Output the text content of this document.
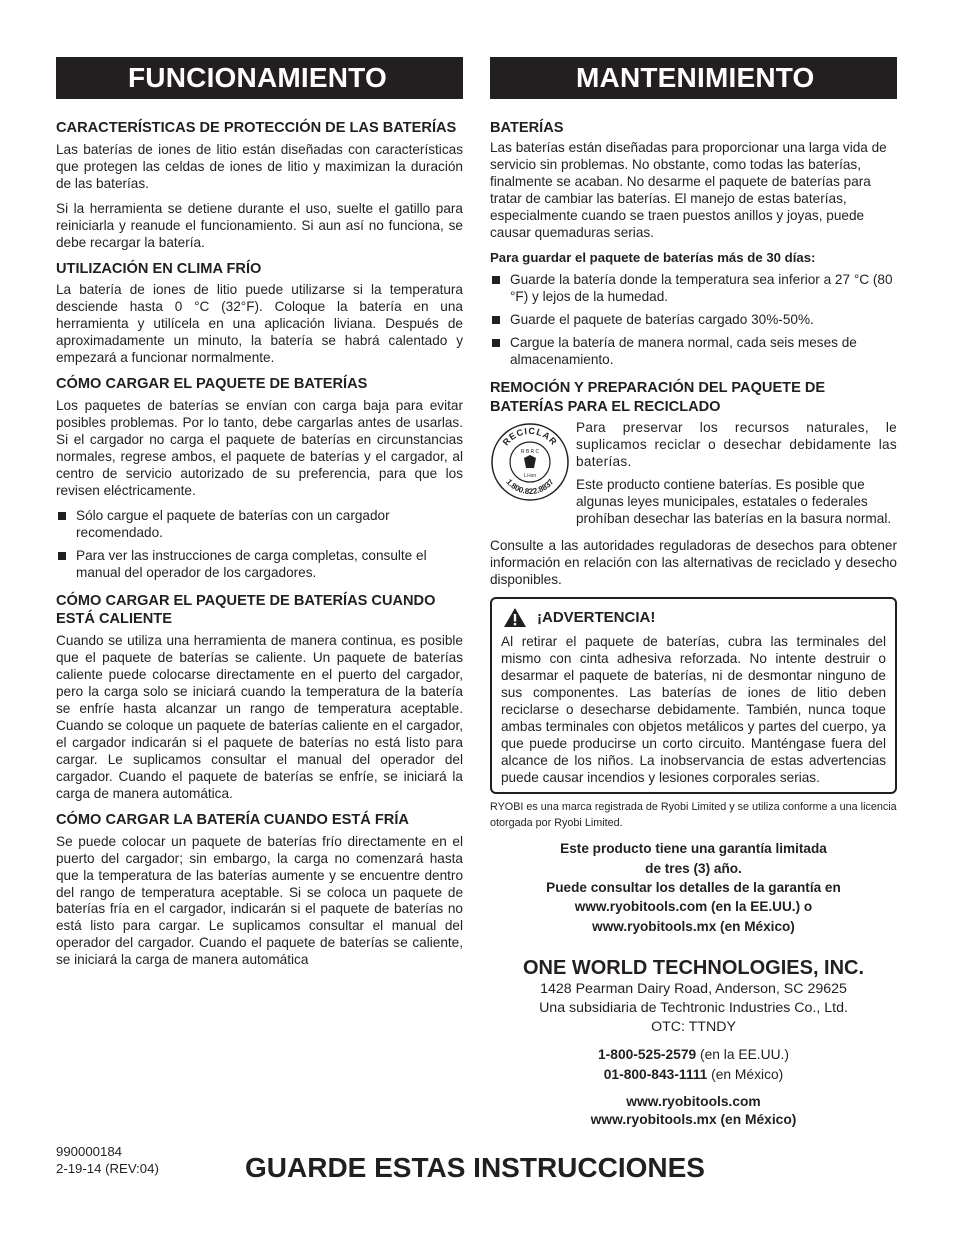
FUNCIONAMIENTO
CARACTERÍSTICAS DE PROTECCIÓN DE LAS BATERÍAS

Las baterías de iones de litio están diseñadas con características que protegen las celdas de iones de litio y maximizan la duración de las baterías.

Si la herramienta se detiene durante el uso, suelte el gatillo para reiniciarla y reanude el funcionamiento. Si aun así no funciona, se debe recargar la batería.

UTILIZACIÓN EN CLIMA FRÍO

La batería de iones de litio puede utilizarse si la temperatura desciende hasta 0 °C (32°F). Coloque la batería en una herramienta y utilícela en una aplicación liviana. Después de aproximadamente un minuto, la batería se habrá calentado y empezará a funcionar normalmente.

CÓMO CARGAR EL PAQUETE DE BATERÍAS

Los paquetes de baterías se envían con carga baja para evitar posibles problemas. Por lo tanto, debe cargarlas antes de usarlas. Si el cargador no carga el paquete de baterías en circunstancias normales, regrese ambos, el paquete de baterías y el cargador, al centro de servicio autorizado de su preferencia, para que los revisen eléctricamente.

Sólo cargue el paquete de baterías con un cargador recomendado.
Para ver las instrucciones de carga completas, consulte el manual del operador de los cargadores.
CÓMO CARGAR EL PAQUETE DE BATERÍAS CUANDO ESTÁ CALIENTE

Cuando se utiliza una herramienta de manera continua, es posible que el paquete de baterías se caliente. Un paquete de baterías caliente puede colocarse directamente en el puerto del cargador, pero la carga solo se iniciará cuando la temperatura de la batería se enfríe hasta alcanzar un rango de temperatura aceptable. Cuando se coloque un paquete de baterías caliente en el cargador, el cargador indicarán si el paquete de baterías no está listo para cargar. Le suplicamos consultar el manual del operador del cargador. Cuando el paquete de baterías se enfríe, se iniciará la carga de manera automática.

CÓMO CARGAR LA BATERÍA CUANDO ESTÁ FRÍA

Se puede colocar un paquete de baterías frío directamente en el puerto del cargador; sin embargo, la carga no comenzará hasta que la temperatura de las baterías aumente y se encuentre dentro del rango de temperatura aceptable. Si se coloca un paquete de baterías fría en el cargador, indicarán si el paquete de baterías no está listo para cargar. Le suplicamos consultar el manual del operador del cargador. Cuando el paquete de baterías se caliente, se iniciará la carga de manera automática

MANTENIMIENTO
BATERÍAS

Las baterías están diseñadas para proporcionar una larga vida de servicio sin problemas. No obstante, como todas las baterías, finalmente se acaban. No desarme el paquete de baterías para tratar de cambiar las baterías. El manejo de estas baterías, especialmente cuando se traen puestos anillos y joyas, puede causar quemaduras serias.

Para guardar el paquete de baterías más de 30 días:

Guarde la batería donde la temperatura sea inferior a 27 °C (80 °F) y lejos de la humedad.
Guarde el paquete de baterías cargado 30%-50%.
Cargue la batería de manera normal, cada seis meses de almacenamiento.
REMOCIÓN Y PREPARACIÓN DEL PAQUETE DE BATERÍAS PARA EL RECICLADO
RECICLAR
1.800.822.8837
R B R C
Li-ion

Para preservar los recursos naturales, le suplicamos reciclar o desechar debidamente las baterías.

Este producto contiene baterías. Es posible que algunas leyes municipales, estatales o federales prohíban desechar las baterías en la basura normal.

Consulte a las autoridades reguladoras de desechos para obtener información en relación con las alternativas de reciclado y desecho disponibles.

¡ADVERTENCIA!

Al retirar el paquete de baterías, cubra las terminales del mismo con cinta adhesiva reforzada. No intente destruir o desarmar el paquete de baterías, ni de desmontar ninguno de sus componentes. Las baterías de iones de litio deben reciclarse o desecharse debidamente. También, nunca toque ambas terminales con objetos metálicos y partes del cuerpo, ya que puede producirse un corto circuito. Manténgase fuera del alcance de los niños. La inobservancia de estas advertencias puede causar incendios y lesiones corporales serias.

RYOBI es una marca registrada de Ryobi Limited y se utiliza conforme a una licencia otorgada por Ryobi Limited.

Este producto tiene una garantía limitada

de tres (3) año.

Puede consultar los detalles de la garantía en

www.ryobitools.com (en la EE.UU.) o

www.ryobitools.mx (en México)

ONE WORLD TECHNOLOGIES, INC.

1428 Pearman Dairy Road, Anderson, SC 29625

Una subsidiaria de Techtronic Industries Co., Ltd.

OTC: TTNDY

1-800-525-2579 (en la EE.UU.)

01-800-843-1111 (en México)

www.ryobitools.com

www.ryobitools.mx (en México)

990000184
2-19-14 (REV:04)	GUARDE ESTAS INSTRUCCIONES
